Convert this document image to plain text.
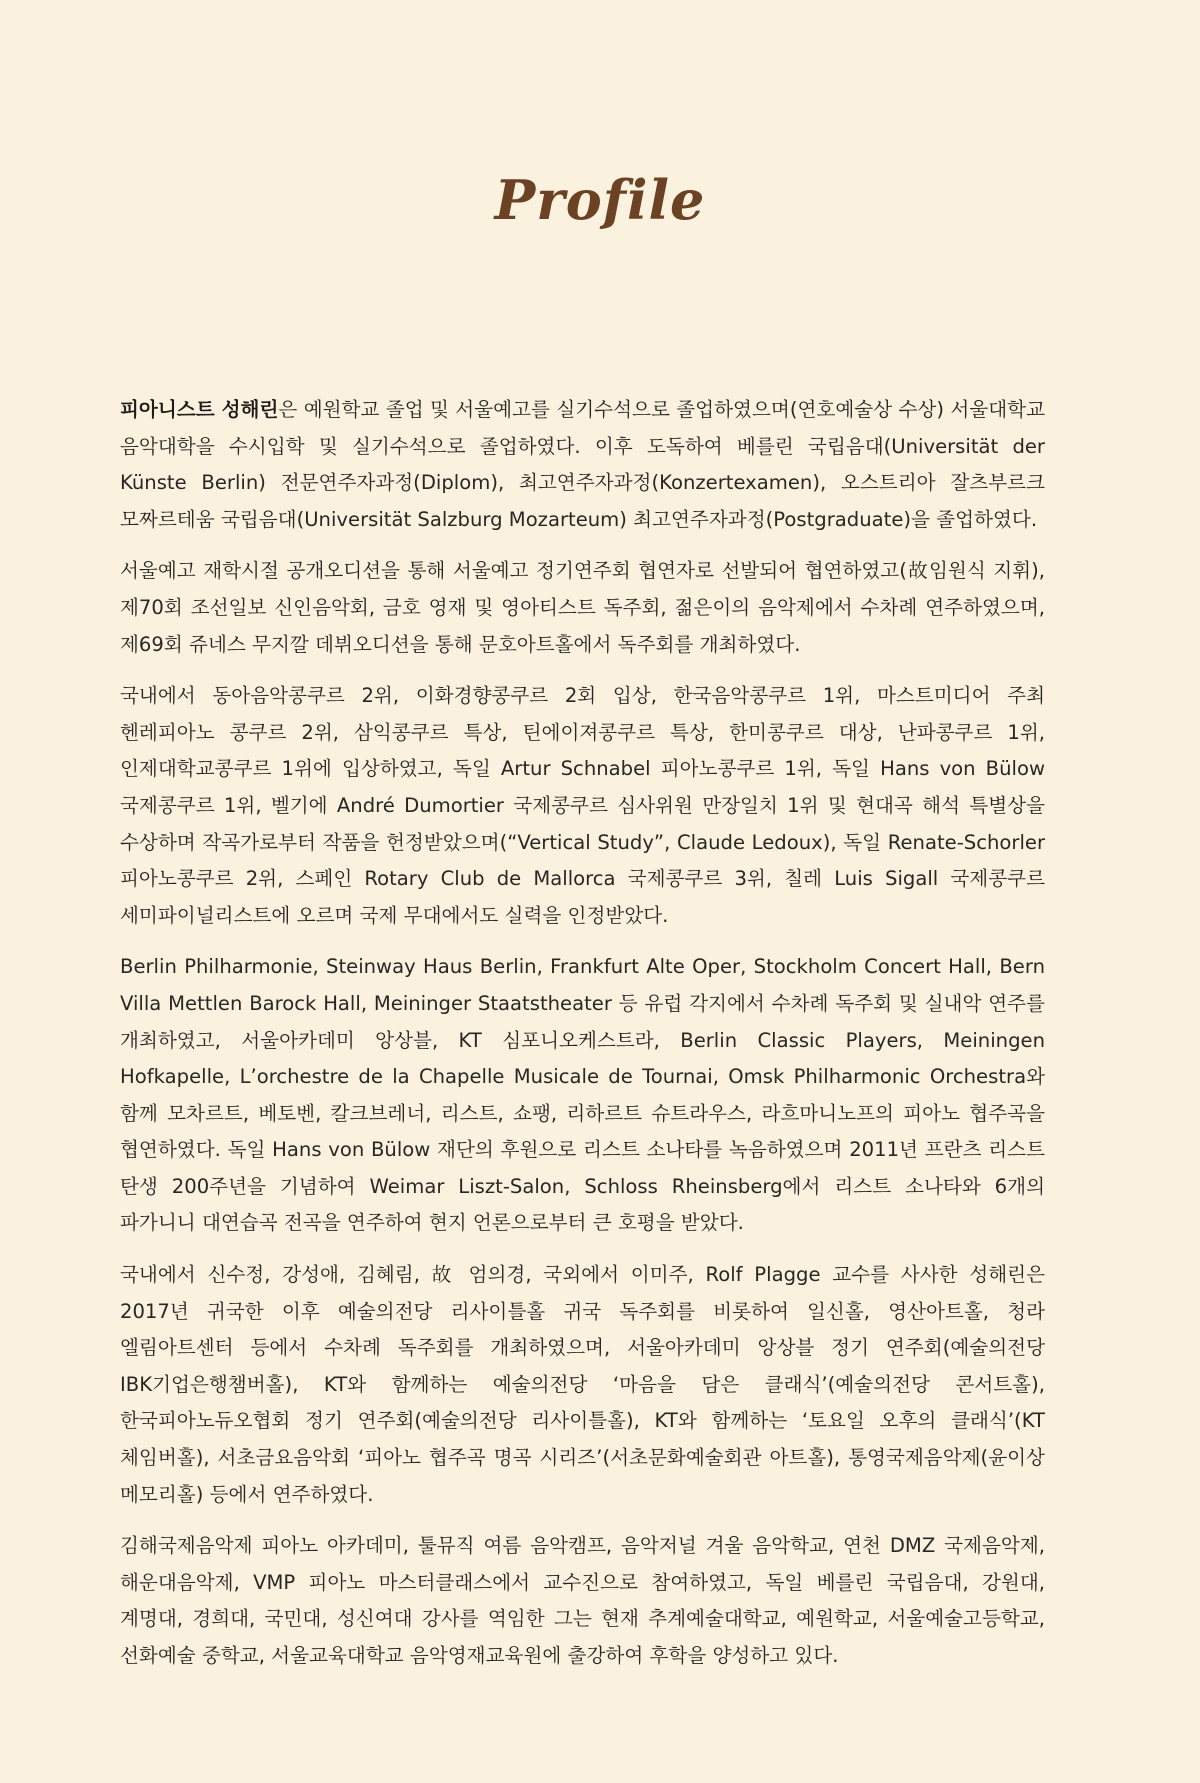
Profile

피아니스트 성해린은 예원학교 졸업 및 서울예고를 실기수석으로 졸업하였으며(연호예술상 수상) 서울대학교 음악대학을 수시입학 및 실기수석으로 졸업하였다. 이후 도독하여 베를린 국립음대(Universität der Künste Berlin) 전문연주자과정(Diplom), 최고연주자과정(Konzertexamen), 오스트리아 잘츠부르크 모짜르테움 국립음대(Universität Salzburg Mozarteum) 최고연주자과정(Postgraduate)을 졸업하였다.

서울예고 재학시절 공개오디션을 통해 서울예고 정기연주회 협연자로 선발되어 협연하였고(故임원식 지휘), 제70회 조선일보 신인음악회, 금호 영재 및 영아티스트 독주회, 젊은이의 음악제에서 수차례 연주하였으며, 제69회 쥬네스 무지깔 데뷔오디션을 통해 문호아트홀에서 독주회를 개최하였다.

국내에서 동아음악콩쿠르 2위, 이화경향콩쿠르 2회 입상, 한국음악콩쿠르 1위, 마스트미디어 주최 헨레피아노 콩쿠르 2위, 삼익콩쿠르 특상, 틴에이져콩쿠르 특상, 한미콩쿠르 대상, 난파콩쿠르 1위, 인제대학교콩쿠르 1위에 입상하였고, 독일 Artur Schnabel 피아노콩쿠르 1위, 독일 Hans von Bülow 국제콩쿠르 1위, 벨기에 André Dumortier 국제콩쿠르 심사위원 만장일치 1위 및 현대곡 해석 특별상을 수상하며 작곡가로부터 작품을 헌정받았으며(“Vertical Study”, Claude Ledoux), 독일 Renate-Schorler 피아노콩쿠르 2위, 스페인 Rotary Club de Mallorca 국제콩쿠르 3위, 칠레 Luis Sigall 국제콩쿠르 세미파이널리스트에 오르며 국제 무대에서도 실력을 인정받았다.

Berlin Philharmonie, Steinway Haus Berlin, Frankfurt Alte Oper, Stockholm Concert Hall, Bern Villa Mettlen Barock Hall, Meininger Staatstheater 등 유럽 각지에서 수차례 독주회 및 실내악 연주를 개최하였고, 서울아카데미 앙상블, KT 심포니오케스트라, Berlin Classic Players, Meiningen Hofkapelle, L’orchestre de la Chapelle Musicale de Tournai, Omsk Philharmonic Orchestra와 함께 모차르트, 베토벤, 칼크브레너, 리스트, 쇼팽, 리하르트 슈트라우스, 라흐마니노프의 피아노 협주곡을 협연하였다. 독일 Hans von Bülow 재단의 후원으로 리스트 소나타를 녹음하였으며 2011년 프란츠 리스트 탄생 200주년을 기념하여 Weimar Liszt-Salon, Schloss Rheinsberg에서 리스트 소나타와 6개의 파가니니 대연습곡 전곡을 연주하여 현지 언론으로부터 큰 호평을 받았다.

국내에서 신수정, 강성애, 김혜림, 故 엄의경, 국외에서 이미주, Rolf Plagge 교수를 사사한 성해린은 2017년 귀국한 이후 예술의전당 리사이틀홀 귀국 독주회를 비롯하여 일신홀, 영산아트홀, 청라 엘림아트센터 등에서 수차례 독주회를 개최하였으며, 서울아카데미 앙상블 정기 연주회(예술의전당 IBK기업은행챔버홀), KT와 함께하는 예술의전당 ‘마음을 담은 클래식’(예술의전당 콘서트홀), 한국피아노듀오협회 정기 연주회(예술의전당 리사이틀홀), KT와 함께하는 ‘토요일 오후의 클래식’(KT 체임버홀), 서초금요음악회 ‘피아노 협주곡 명곡 시리즈’(서초문화예술회관 아트홀), 통영국제음악제(윤이상 메모리홀) 등에서 연주하였다.

김해국제음악제 피아노 아카데미, 툴뮤직 여름 음악캠프, 음악저널 겨울 음악학교, 연천 DMZ 국제음악제, 해운대음악제, VMP 피아노 마스터클래스에서 교수진으로 참여하였고, 독일 베를린 국립음대, 강원대, 계명대, 경희대, 국민대, 성신여대 강사를 역임한 그는 현재 추계예술대학교, 예원학교, 서울예술고등학교, 선화예술 중학교, 서울교육대학교 음악영재교육원에 출강하여 후학을 양성하고 있다.
